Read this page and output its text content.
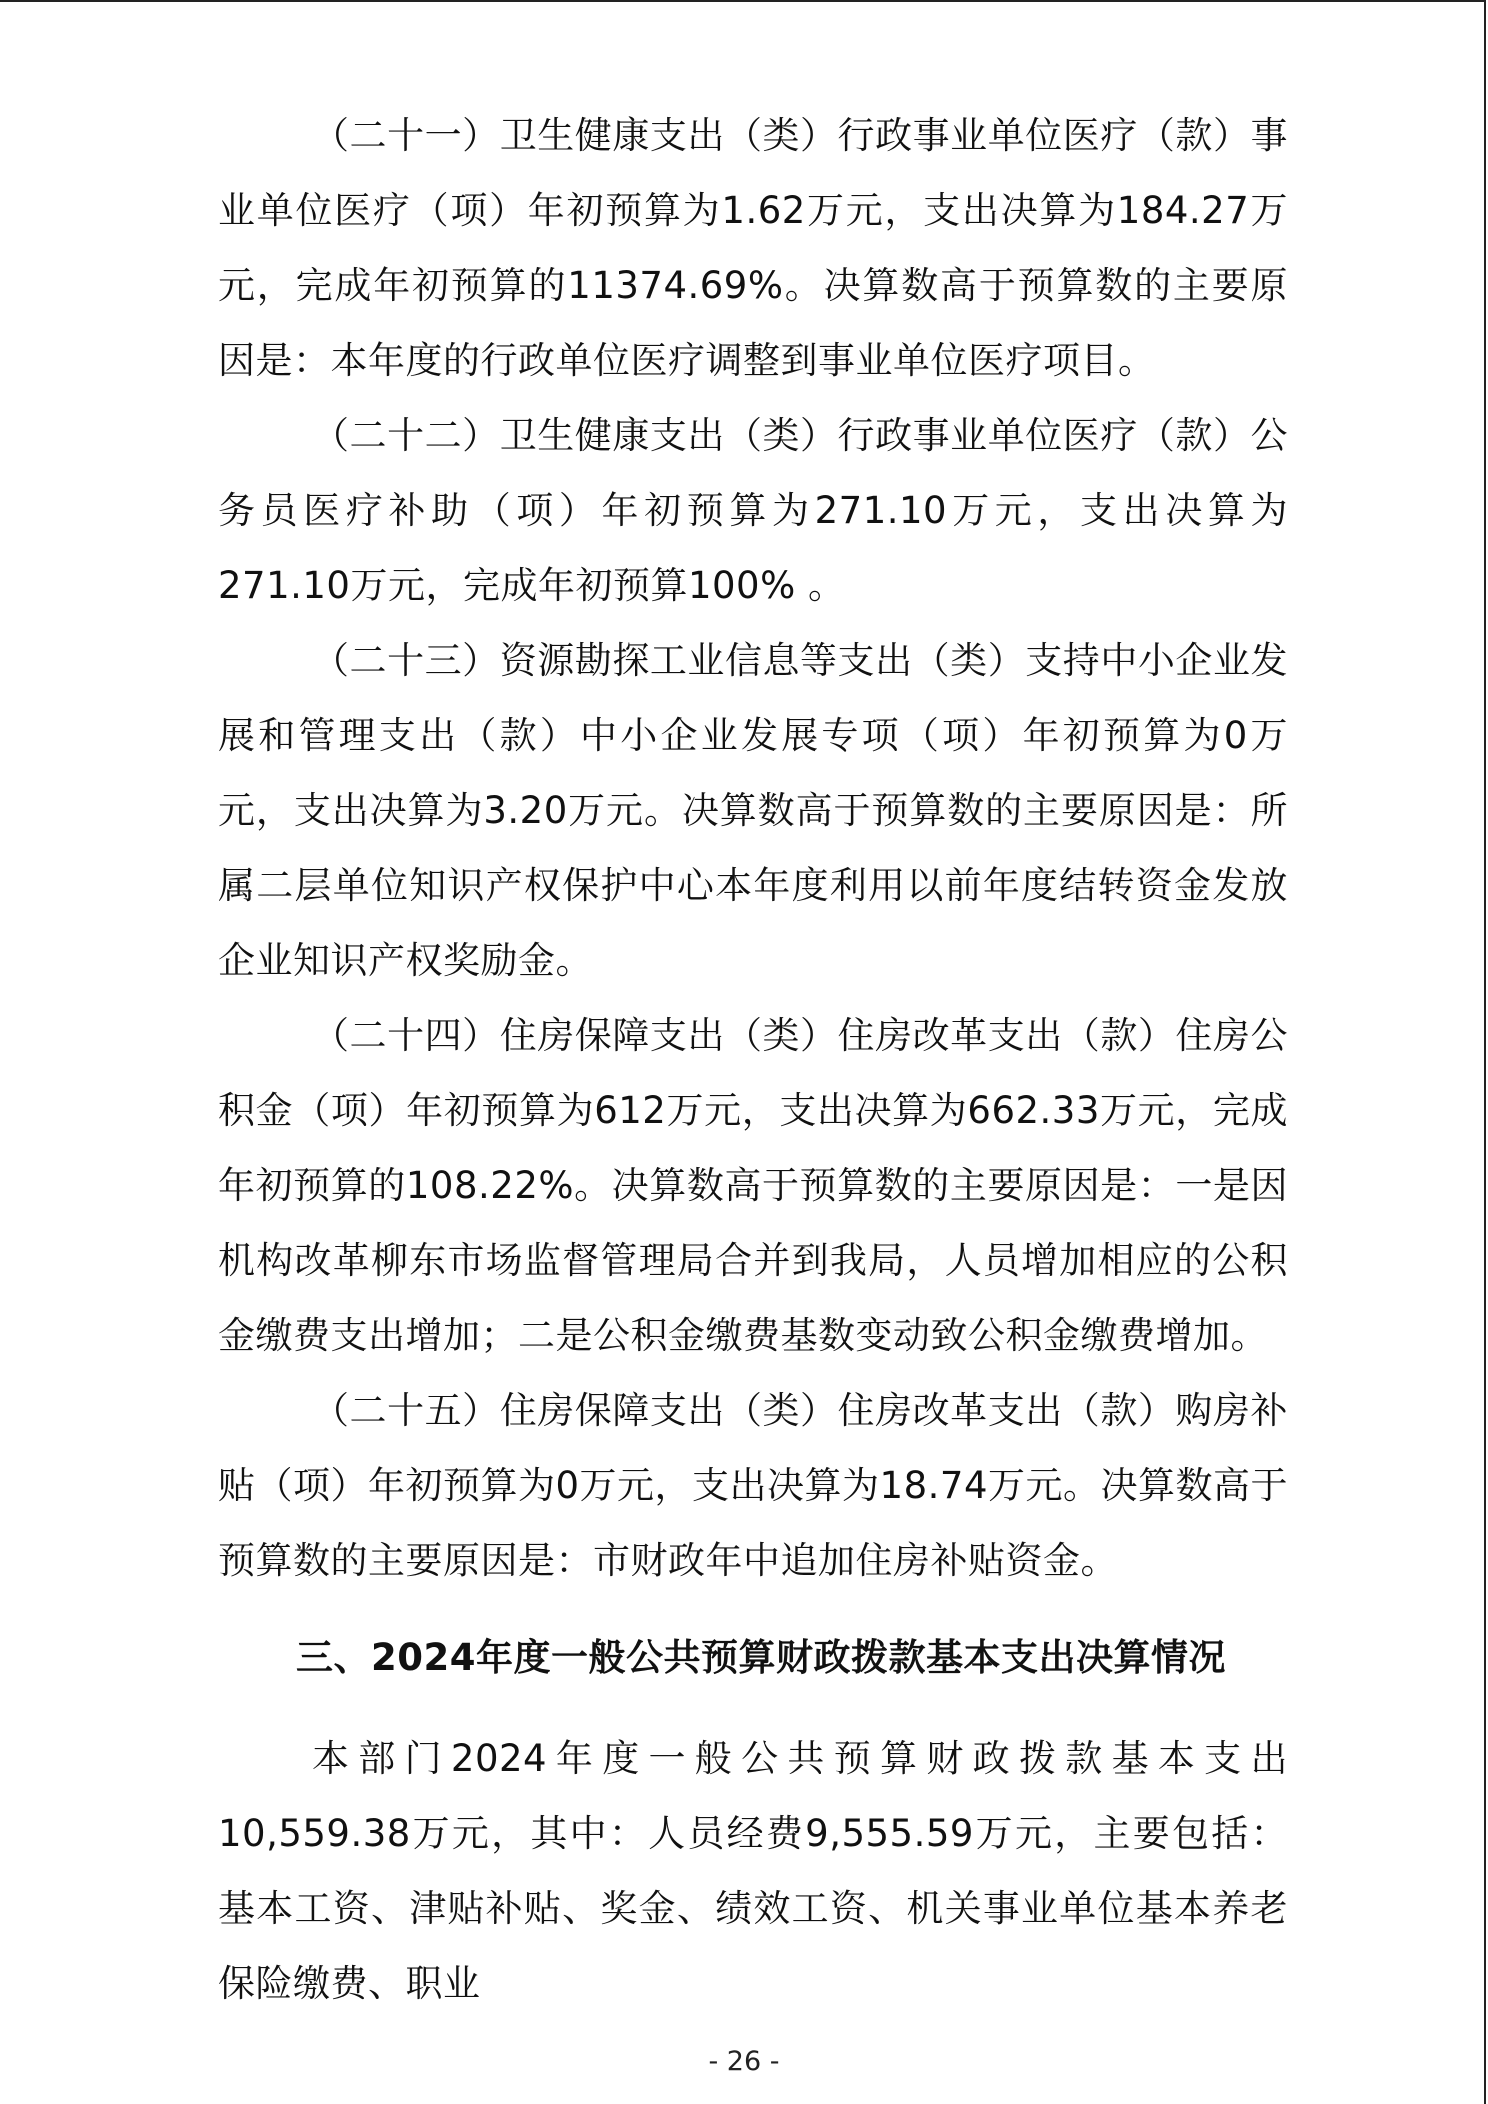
（二十一）卫生健康支出（类）行政事业单位医疗（款）事业单位医疗（项）年初预算为1.62万元，支出决算为184.27万元，完成年初预算的11374.69%。决算数高于预算数的主要原因是：本年度的行政单位医疗调整到事业单位医疗项目。

（二十二）卫生健康支出（类）行政事业单位医疗（款）公务员医疗补助（项）年初预算为271.10万元，支出决算为271.10万元，完成年初预算100% 。

（二十三）资源勘探工业信息等支出（类）支持中小企业发展和管理支出（款）中小企业发展专项（项）年初预算为0万元，支出决算为3.20万元。决算数高于预算数的主要原因是：所属二层单位知识产权保护中心本年度利用以前年度结转资金发放企业知识产权奖励金。

（二十四）住房保障支出（类）住房改革支出（款）住房公积金（项）年初预算为612万元，支出决算为662.33万元，完成年初预算的108.22%。决算数高于预算数的主要原因是：一是因机构改革柳东市场监督管理局合并到我局，人员增加相应的公积金缴费支出增加；二是公积金缴费基数变动致公积金缴费增加。

（二十五）住房保障支出（类）住房改革支出（款）购房补贴（项）年初预算为0万元，支出决算为18.74万元。决算数高于预算数的主要原因是：市财政年中追加住房补贴资金。

三、2024年度一般公共预算财政拨款基本支出决算情况

本部门2024年度一般公共预算财政拨款基本支出10,559.38万元，其中：人员经费9,555.59万元，主要包括：基本工资、津贴补贴、奖金、绩效工资、机关事业单位基本养老保险缴费、职业

- 26 -
